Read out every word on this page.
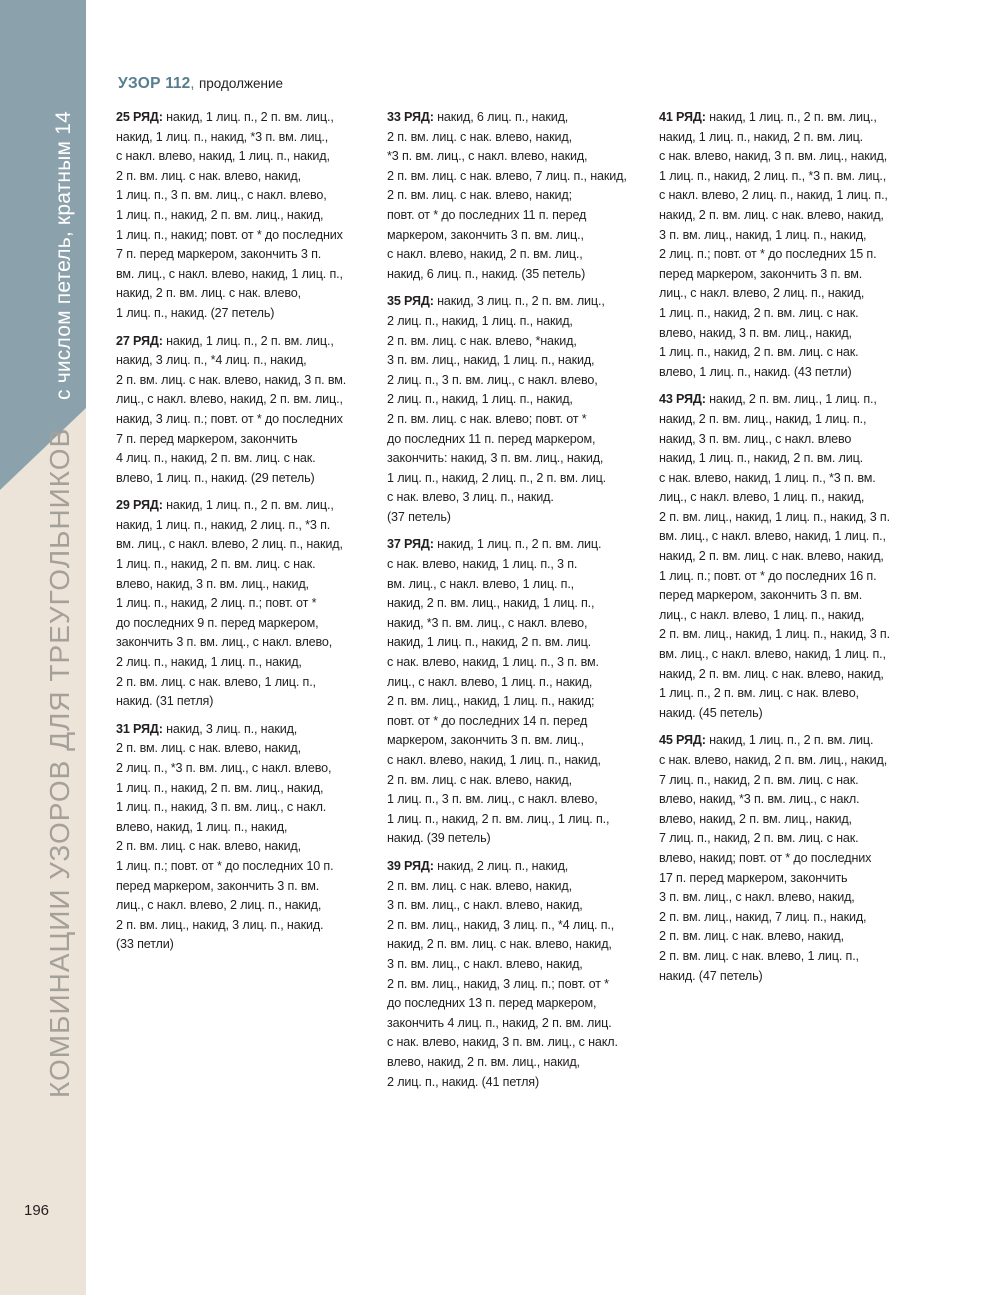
с числом петель, кратным 14
КОМБИНАЦИИ УЗОРОВ ДЛЯ ТРЕУГОЛЬНИКОВ
196
УЗОР 112, продолжение
25 РЯД: накид, 1 лиц. п., 2 п. вм. лиц.,
накид, 1 лиц. п., накид, *3 п. вм. лиц.,
с накл. влево, накид, 1 лиц. п., накид,
2 п. вм. лиц. с нак. влево, накид,
1 лиц. п., 3 п. вм. лиц., с накл. влево,
1 лиц. п., накид, 2 п. вм. лиц., накид,
1 лиц. п., накид; повт. от * до последних
7 п. перед маркером, закончить 3 п.
вм. лиц., с накл. влево, накид, 1 лиц. п.,
накид, 2 п. вм. лиц. с нак. влево,
1 лиц. п., накид. (27 петель)
27 РЯД: накид, 1 лиц. п., 2 п. вм. лиц.,
накид, 3 лиц. п., *4 лиц. п., накид,
2 п. вм. лиц. с нак. влево, накид, 3 п. вм.
лиц., с накл. влево, накид, 2 п. вм. лиц.,
накид, 3 лиц. п.; повт. от * до последних
7 п. перед маркером, закончить
4 лиц. п., накид, 2 п. вм. лиц. с нак.
влево, 1 лиц. п., накид. (29 петель)
29 РЯД: накид, 1 лиц. п., 2 п. вм. лиц.,
накид, 1 лиц. п., накид, 2 лиц. п., *3 п.
вм. лиц., с накл. влево, 2 лиц. п., накид,
1 лиц. п., накид, 2 п. вм. лиц. с нак.
влево, накид, 3 п. вм. лиц., накид,
1 лиц. п., накид, 2 лиц. п.; повт. от *
до последних 9 п. перед маркером,
закончить 3 п. вм. лиц., с накл. влево,
2 лиц. п., накид, 1 лиц. п., накид,
2 п. вм. лиц. с нак. влево, 1 лиц. п.,
накид. (31 петля)
31 РЯД: накид, 3 лиц. п., накид,
2 п. вм. лиц. с нак. влево, накид,
2 лиц. п., *3 п. вм. лиц., с накл. влево,
1 лиц. п., накид, 2 п. вм. лиц., накид,
1 лиц. п., накид, 3 п. вм. лиц., с накл.
влево, накид, 1 лиц. п., накид,
2 п. вм. лиц. с нак. влево, накид,
1 лиц. п.; повт. от * до последних 10 п.
перед маркером, закончить 3 п. вм.
лиц., с накл. влево, 2 лиц. п., накид,
2 п. вм. лиц., накид, 3 лиц. п., накид.
(33 петли)
33 РЯД: накид, 6 лиц. п., накид,
2 п. вм. лиц. с нак. влево, накид,
*3 п. вм. лиц., с накл. влево, накид,
2 п. вм. лиц. с нак. влево, 7 лиц. п., накид,
2 п. вм. лиц. с нак. влево, накид;
повт. от * до последних 11 п. перед
маркером, закончить 3 п. вм. лиц.,
с накл. влево, накид, 2 п. вм. лиц.,
накид, 6 лиц. п., накид. (35 петель)
35 РЯД: накид, 3 лиц. п., 2 п. вм. лиц.,
2 лиц. п., накид, 1 лиц. п., накид,
2 п. вм. лиц. с нак. влево, *накид,
3 п. вм. лиц., накид, 1 лиц. п., накид,
2 лиц. п., 3 п. вм. лиц., с накл. влево,
2 лиц. п., накид, 1 лиц. п., накид,
2 п. вм. лиц. с нак. влево; повт. от *
до последних 11 п. перед маркером,
закончить: накид, 3 п. вм. лиц., накид,
1 лиц. п., накид, 2 лиц. п., 2 п. вм. лиц.
с нак. влево, 3 лиц. п., накид.
(37 петель)
37 РЯД: накид, 1 лиц. п., 2 п. вм. лиц.
с нак. влево, накид, 1 лиц. п., 3 п.
вм. лиц., с накл. влево, 1 лиц. п.,
накид, 2 п. вм. лиц., накид, 1 лиц. п.,
накид, *3 п. вм. лиц., с накл. влево,
накид, 1 лиц. п., накид, 2 п. вм. лиц.
с нак. влево, накид, 1 лиц. п., 3 п. вм.
лиц., с накл. влево, 1 лиц. п., накид,
2 п. вм. лиц., накид, 1 лиц. п., накид;
повт. от * до последних 14 п. перед
маркером, закончить 3 п. вм. лиц.,
с накл. влево, накид, 1 лиц. п., накид,
2 п. вм. лиц. с нак. влево, накид,
1 лиц. п., 3 п. вм. лиц., с накл. влево,
1 лиц. п., накид, 2 п. вм. лиц., 1 лиц. п.,
накид. (39 петель)
39 РЯД: накид, 2 лиц. п., накид,
2 п. вм. лиц. с нак. влево, накид,
3 п. вм. лиц., с накл. влево, накид,
2 п. вм. лиц., накид, 3 лиц. п., *4 лиц. п.,
накид, 2 п. вм. лиц. с нак. влево, накид,
3 п. вм. лиц., с накл. влево, накид,
2 п. вм. лиц., накид, 3 лиц. п.; повт. от *
до последних 13 п. перед маркером,
закончить 4 лиц. п., накид, 2 п. вм. лиц.
с нак. влево, накид, 3 п. вм. лиц., с накл.
влево, накид, 2 п. вм. лиц., накид,
2 лиц. п., накид. (41 петля)
41 РЯД: накид, 1 лиц. п., 2 п. вм. лиц.,
накид, 1 лиц. п., накид, 2 п. вм. лиц.
с нак. влево, накид, 3 п. вм. лиц., накид,
1 лиц. п., накид, 2 лиц. п., *3 п. вм. лиц.,
с накл. влево, 2 лиц. п., накид, 1 лиц. п.,
накид, 2 п. вм. лиц. с нак. влево, накид,
3 п. вм. лиц., накид, 1 лиц. п., накид,
2 лиц. п.; повт. от * до последних 15 п.
перед маркером, закончить 3 п. вм.
лиц., с накл. влево, 2 лиц. п., накид,
1 лиц. п., накид, 2 п. вм. лиц. с нак.
влево, накид, 3 п. вм. лиц., накид,
1 лиц. п., накид, 2 п. вм. лиц. с нак.
влево, 1 лиц. п., накид. (43 петли)
43 РЯД: накид, 2 п. вм. лиц., 1 лиц. п.,
накид, 2 п. вм. лиц., накид, 1 лиц. п.,
накид, 3 п. вм. лиц., с накл. влево
накид, 1 лиц. п., накид, 2 п. вм. лиц.
с нак. влево, накид, 1 лиц. п., *3 п. вм.
лиц., с накл. влево, 1 лиц. п., накид,
2 п. вм. лиц., накид, 1 лиц. п., накид, 3 п.
вм. лиц., с накл. влево, накид, 1 лиц. п.,
накид, 2 п. вм. лиц. с нак. влево, накид,
1 лиц. п.; повт. от * до последних 16 п.
перед маркером, закончить 3 п. вм.
лиц., с накл. влево, 1 лиц. п., накид,
2 п. вм. лиц., накид, 1 лиц. п., накид, 3 п.
вм. лиц., с накл. влево, накид, 1 лиц. п.,
накид, 2 п. вм. лиц. с нак. влево, накид,
1 лиц. п., 2 п. вм. лиц. с нак. влево,
накид. (45 петель)
45 РЯД: накид, 1 лиц. п., 2 п. вм. лиц.
с нак. влево, накид, 2 п. вм. лиц., накид,
7 лиц. п., накид, 2 п. вм. лиц. с нак.
влево, накид, *3 п. вм. лиц., с накл.
влево, накид, 2 п. вм. лиц., накид,
7 лиц. п., накид, 2 п. вм. лиц. с нак.
влево, накид; повт. от * до последних
17 п. перед маркером, закончить
3 п. вм. лиц., с накл. влево, накид,
2 п. вм. лиц., накид, 7 лиц. п., накид,
2 п. вм. лиц. с нак. влево, накид,
2 п. вм. лиц. с нак. влево, 1 лиц. п.,
накид. (47 петель)
